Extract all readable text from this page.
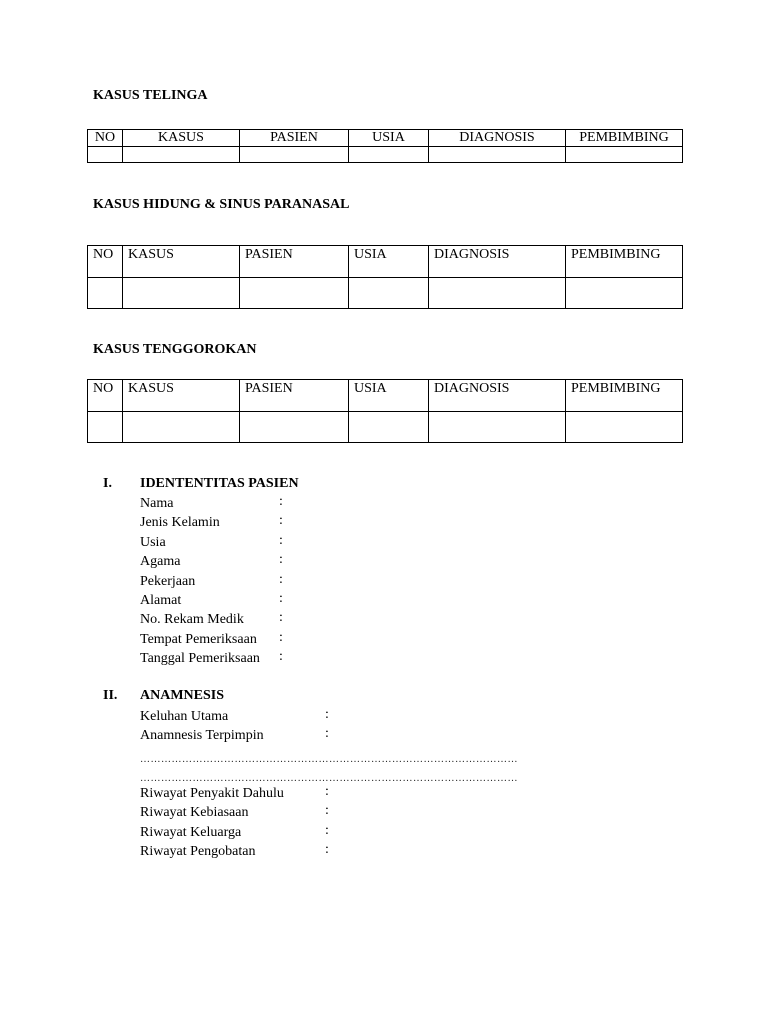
KASUS TELINGA
NO	KASUS	PASIEN	USIA	DIAGNOSIS	PEMBIMBING

KASUS HIDUNG & SINUS PARANASAL
NO	KASUS	PASIEN	USIA	DIAGNOSIS	PEMBIMBING

KASUS TENGGOROKAN
NO	KASUS	PASIEN	USIA	DIAGNOSIS	PEMBIMBING

I. IDENTENTITAS PASIEN
Nama	:
Jenis Kelamin	:
Usia	:
Agama	:
Pekerjaan	:
Alamat	:
No. Rekam Medik	:
Tempat Pemeriksaan :
Tanggal Pemeriksaan :
II. ANAMNESIS
Keluhan Utama	:
Anamnesis Terpimpin	:
………………………………………………………………………………………………
………………………………………………………………………………………………
Riwayat Penyakit Dahulu	:
Riwayat Kebiasaan	:
Riwayat Keluarga	:
Riwayat Pengobatan	:
